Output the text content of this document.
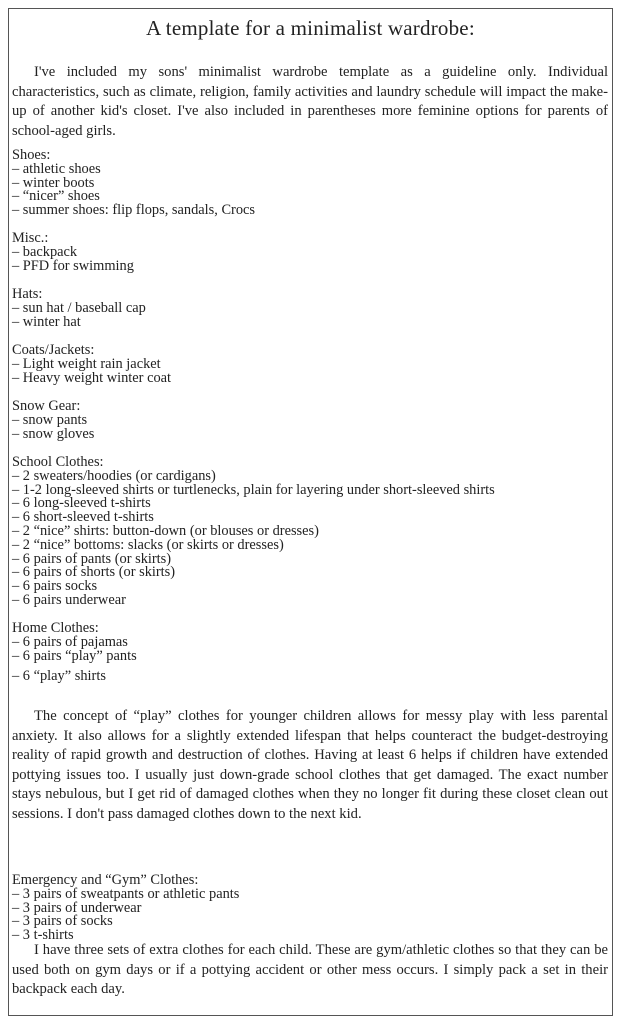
A template for a minimalist wardrobe:

I've included my sons' minimalist wardrobe template as a guideline only. Individual characteristics, such as climate, religion, family activities and laundry schedule will impact the make-up of another kid's closet. I've also included in parentheses more feminine options for parents of school-aged girls.

Shoes:
– athletic shoes
– winter boots
– “nicer” shoes
– summer shoes: flip flops, sandals, Crocs
Misc.:
– backpack
– PFD for swimming
Hats:
– sun hat / baseball cap
– winter hat
Coats/Jackets:
– Light weight rain jacket
– Heavy weight winter coat
Snow Gear:
– snow pants
– snow gloves
School Clothes:
– 2 sweaters/hoodies (or cardigans)
– 1-2 long-sleeved shirts or turtlenecks, plain for layering under short-sleeved shirts
– 6 long-sleeved t-shirts
– 6 short-sleeved t-shirts
– 2 “nice” shirts: button-down (or blouses or dresses)
– 2 “nice” bottoms: slacks (or skirts or dresses)
– 6 pairs of pants (or skirts)
– 6 pairs of shorts (or skirts)
– 6 pairs socks
– 6 pairs underwear
Home Clothes:
– 6 pairs of pajamas
– 6 pairs “play” pants
– 6 “play” shirts

The concept of “play” clothes for younger children allows for messy play with less parental anxiety. It also allows for a slightly extended lifespan that helps counteract the budget-destroying reality of rapid growth and destruction of clothes. Having at least 6 helps if children have extended pottying issues too. I usually just down-grade school clothes that get damaged. The exact number stays nebulous, but I get rid of damaged clothes when they no longer fit during these closet clean out sessions. I don't pass damaged clothes down to the next kid.

Emergency and “Gym” Clothes:
– 3 pairs of sweatpants or athletic pants
– 3 pairs of underwear
– 3 pairs of socks
– 3 t-shirts

I have three sets of extra clothes for each child. These are gym/athletic clothes so that they can be used both on gym days or if a pottying accident or other mess occurs. I simply pack a set in their backpack each day.
